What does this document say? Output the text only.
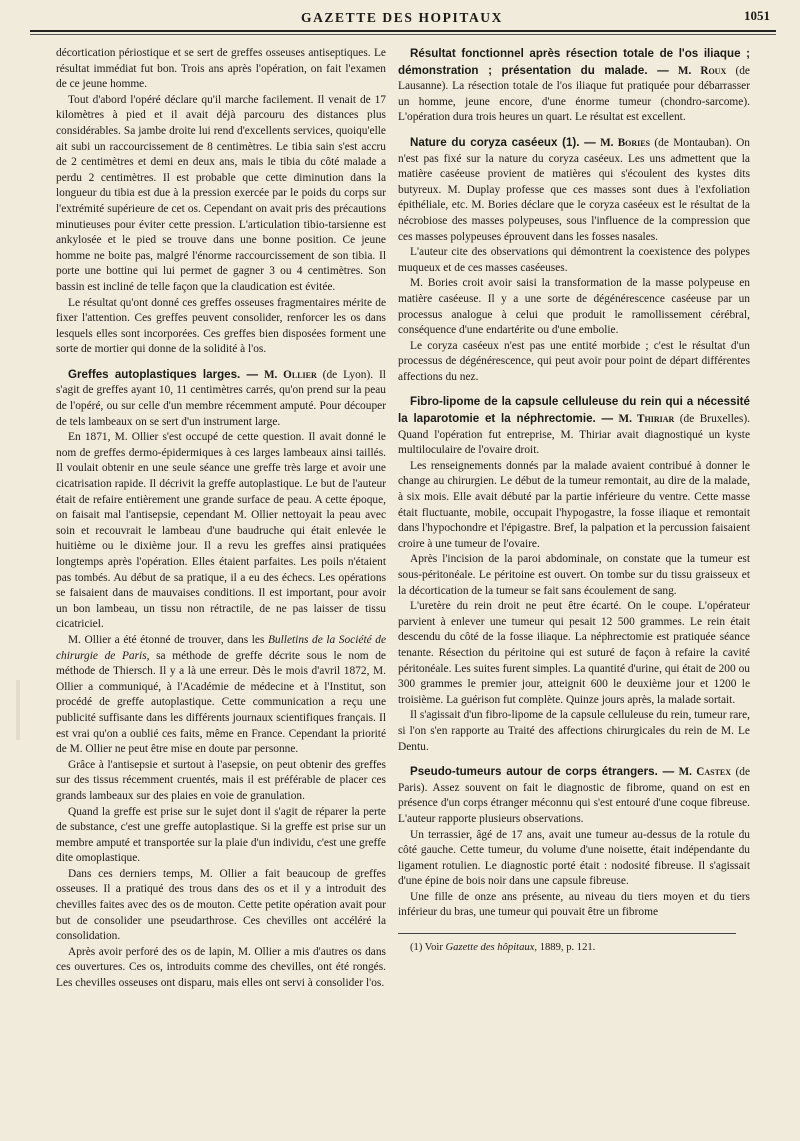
GAZETTE DES HOPITAUX	1051

décortication périostique et se sert de greffes osseuses antiseptiques. Le résultat immédiat fut bon. Trois ans après l'opération, on fait l'examen de ce jeune homme.

Tout d'abord l'opéré déclare qu'il marche facilement. Il venait de 17 kilomètres à pied et il avait déjà parcouru des distances plus considérables. Sa jambe droite lui rend d'excellents services, quoiqu'elle ait subi un raccourcissement de 8 centimètres. Le tibia sain s'est accru de 2 centimètres et demi en deux ans, mais le tibia du côté malade a perdu 2 centimètres. Il est probable que cette diminution dans la longueur du tibia est due à la pression exercée par le poids du corps sur l'extrémité supérieure de cet os. Cependant on avait pris des précautions minutieuses pour éviter cette pression. L'articulation tibio-tarsienne est ankylosée et le pied se trouve dans une bonne position. Ce jeune homme ne boite pas, malgré l'énorme raccourcissement de son tibia. Il porte une bottine qui lui permet de gagner 3 ou 4 centimètres. Son bassin est incliné de telle façon que la claudication est évitée.

Le résultat qu'ont donné ces greffes osseuses fragmentaires mérite de fixer l'attention. Ces greffes peuvent consolider, renforcer les os dans lesquels elles sont incorporées. Ces greffes bien disposées forment une sorte de mortier qui donne de la solidité à l'os.

Greffes autoplastiques larges. — M. Ollier (de Lyon). Il s'agit de greffes ayant 10, 11 centimètres carrés, qu'on prend sur la peau de l'opéré, ou sur celle d'un membre récemment amputé. Pour découper de tels lambeaux on se sert d'un instrument large.

En 1871, M. Ollier s'est occupé de cette question. Il avait donné le nom de greffes dermo-épidermiques à ces larges lambeaux ainsi taillés. Il voulait obtenir en une seule séance une greffe très large et avoir une cicatrisation rapide. Il décrivit la greffe autoplastique. Le but de l'auteur était de refaire entièrement une grande surface de peau. A cette époque, on faisait mal l'antisepsie, cependant M. Ollier nettoyait la peau avec soin et recouvrait le lambeau d'une baudruche qui était enlevée le huitième ou le dixième jour. Il a revu les greffes ainsi pratiquées longtemps après l'opération. Elles étaient parfaites. Les poils n'étaient pas tombés. Au début de sa pratique, il a eu des échecs. Les opérations se faisaient dans de mauvaises conditions. Il est important, pour avoir un bon lambeau, un tissu non rétractile, de ne pas laisser de tissu cicatriciel.

M. Ollier a été étonné de trouver, dans les Bulletins de la Société de chirurgie de Paris, sa méthode de greffe décrite sous le nom de méthode de Thiersch. Il y a là une erreur. Dès le mois d'avril 1872, M. Ollier a communiqué, à l'Académie de médecine et à l'Institut, son procédé de greffe autoplastique. Cette communication a reçu une publicité suffisante dans les différents journaux scientifiques français. Il est vrai qu'on a oublié ces faits, même en France. Cependant la priorité de M. Ollier ne peut être mise en doute par personne.

Grâce à l'antisepsie et surtout à l'asepsie, on peut obtenir des greffes sur des tissus récemment cruentés, mais il est préférable de placer ces grands lambeaux sur des plaies en voie de granulation.

Quand la greffe est prise sur le sujet dont il s'agit de réparer la perte de substance, c'est une greffe autoplastique. Si la greffe est prise sur un membre amputé et transportée sur la plaie d'un individu, c'est une greffe dite omoplastique.

Dans ces derniers temps, M. Ollier a fait beaucoup de greffes osseuses. Il a pratiqué des trous dans des os et il y a introduit des chevilles faites avec des os de mouton. Cette petite opération avait pour but de consolider une pseudarthrose. Ces chevilles ont accéléré la consolidation.

Après avoir perforé des os de lapin, M. Ollier a mis d'autres os dans ces ouvertures. Ces os, introduits comme des chevilles, ont été rongés. Les chevilles osseuses ont disparu, mais elles ont servi à consolider l'os.

Résultat fonctionnel après résection totale de l'os iliaque ; démonstration ; présentation du malade. — M. Roux (de Lausanne). La résection totale de l'os iliaque fut pratiquée pour débarrasser un homme, jeune encore, d'une énorme tumeur (chondro-sarcome). L'opération dura trois heures un quart. Le résultat est excellent.

Nature du coryza caséeux (1). — M. Bories (de Montauban). On n'est pas fixé sur la nature du coryza caséeux. Les uns admettent que la matière caséeuse provient de matières qui s'écoulent des kystes dits butyreux. M. Duplay professe que ces masses sont dues à l'exfoliation épithéliale, etc. M. Bories déclare que le coryza caséeux est le résultat de la nécrobiose des masses polypeuses, sous l'influence de la compression que ces masses polypeuses éprouvent dans les fosses nasales.

L'auteur cite des observations qui démontrent la coexistence des polypes muqueux et de ces masses caséeuses.

M. Bories croit avoir saisi la transformation de la masse polypeuse en matière caséeuse. Il y a une sorte de dégénérescence caséeuse par un processus analogue à celui que produit le ramollissement cérébral, conséquence d'une endartérite ou d'une embolie.

Le coryza caséeux n'est pas une entité morbide ; c'est le résultat d'un processus de dégénérescence, qui peut avoir pour point de départ différentes affections du nez.

Fibro-lipome de la capsule celluleuse du rein qui a nécessité la laparotomie et la néphrectomie. — M. Thiriar (de Bruxelles). Quand l'opération fut entreprise, M. Thiriar avait diagnostiqué un kyste multiloculaire de l'ovaire droit.

Les renseignements donnés par la malade avaient contribué à donner le change au chirurgien. Le début de la tumeur remontait, au dire de la malade, à six mois. Elle avait débuté par la partie inférieure du ventre. Cette masse était fluctuante, mobile, occupait l'hypogastre, la fosse iliaque et remontait dans l'hypochondre et l'épigastre. Bref, la palpation et la percussion faisaient croire à une tumeur de l'ovaire.

Après l'incision de la paroi abdominale, on constate que la tumeur est sous-péritonéale. Le péritoine est ouvert. On tombe sur du tissu graisseux et la décortication de la tumeur se fait sans écoulement de sang.

L'uretère du rein droit ne peut être écarté. On le coupe. L'opérateur parvient à enlever une tumeur qui pesait 12 500 grammes. Le rein était descendu du côté de la fosse iliaque. La néphrectomie est pratiquée séance tenante. Résection du péritoine qui est suturé de façon à refaire la cavité péritonéale. Les suites furent simples. La quantité d'urine, qui était de 200 ou 300 grammes le premier jour, atteignit 600 le deuxième jour et 1200 le troisième. La guérison fut complète. Quinze jours après, la malade sortait.

Il s'agissait d'un fibro-lipome de la capsule celluleuse du rein, tumeur rare, si l'on s'en rapporte au Traité des affections chirurgicales du rein de M. Le Dentu.

Pseudo-tumeurs autour de corps étrangers. — M. Castex (de Paris). Assez souvent on fait le diagnostic de fibrome, quand on est en présence d'un corps étranger méconnu qui s'est entouré d'une coque fibreuse. L'auteur rapporte plusieurs observations.

Un terrassier, âgé de 17 ans, avait une tumeur au-dessus de la rotule du côté gauche. Cette tumeur, du volume d'une noisette, était indépendante du ligament rotulien. Le diagnostic porté était : nodosité fibreuse. Il s'agissait d'une épine de bois noir dans une capsule fibreuse.

Une fille de onze ans présente, au niveau du tiers moyen et du tiers inférieur du bras, une tumeur qui pouvait être un fibrome

(1) Voir Gazette des hôpitaux, 1889, p. 121.
